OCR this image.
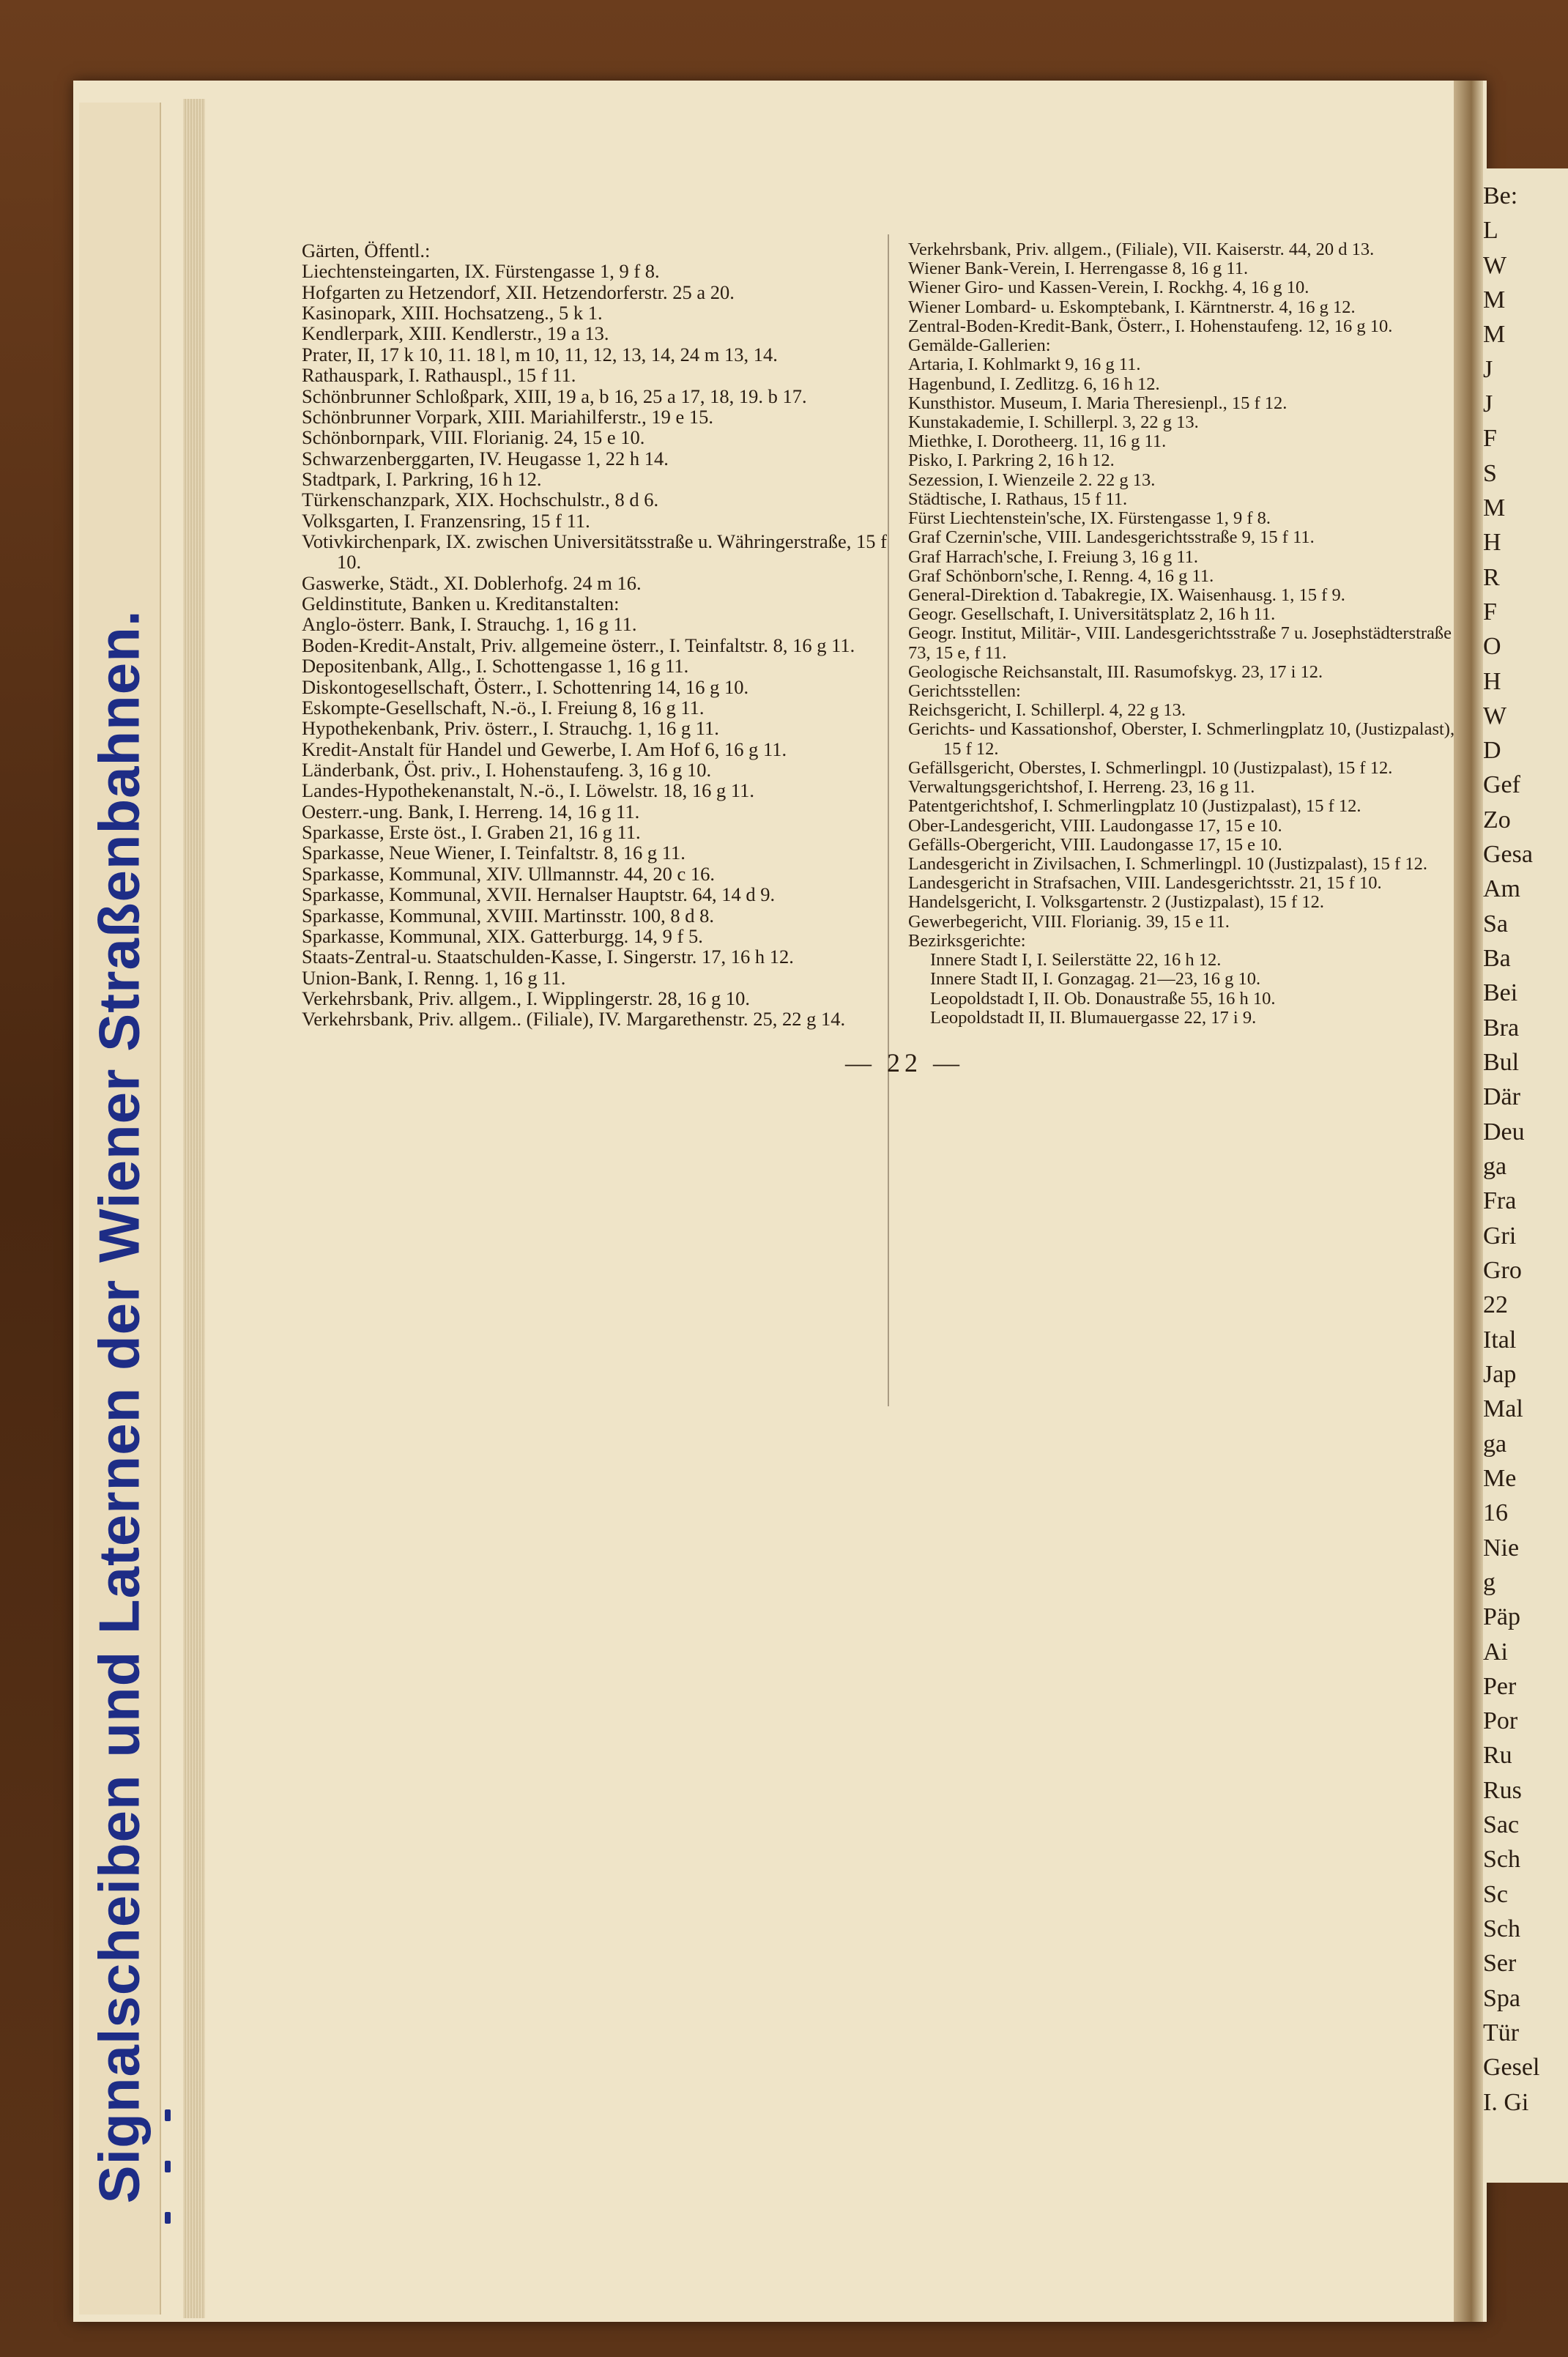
Be:
L
W
M
M
J
J
F
S
M
H
R
F
O
H
W
D
Gef
Zo
Gesa
Am
Sa
Ba
Bei
Bra
Bul
Där
Deu
ga
Fra
Gri
Gro
22
Ital
Jap
Mal
ga
Me
16
Nie
g
Päp
Ai
Per
Por
Ru
Rus
Sac
Sch
Sc
Sch
Ser
Spa
Tür
Gesel
I. Gi
Signalscheiben und Laternen der Wiener Straßenbahnen.

Gärten, Öffentl.:

Liechtensteingarten, IX. Fürstengasse 1, 9 f 8.

Hofgarten zu Hetzendorf, XII. Hetzendorferstr. 25 a 20.

Kasinopark, XIII. Hochsatzeng., 5 k 1.

Kendlerpark, XIII. Kendlerstr., 19 a 13.

Prater, II, 17 k 10, 11. 18 l, m 10, 11, 12, 13, 14, 24 m 13, 14.

Rathauspark, I. Rathauspl., 15 f 11.

Schönbrunner Schloßpark, XIII, 19 a, b 16, 25 a 17, 18, 19. b 17.

Schönbrunner Vorpark, XIII. Mariahilferstr., 19 e 15.

Schönbornpark, VIII. Florianig. 24, 15 e 10.

Schwarzenberggarten, IV. Heugasse 1, 22 h 14.

Stadtpark, I. Parkring, 16 h 12.

Türkenschanzpark, XIX. Hochschulstr., 8 d 6.

Volksgarten, I. Franzensring, 15 f 11.

Votivkirchenpark, IX. zwischen Universitätsstraße u. Währingerstraße, 15 f 10.

Gaswerke, Städt., XI. Doblerhofg. 24 m 16.

Geldinstitute, Banken u. Kreditanstalten:

Anglo-österr. Bank, I. Strauchg. 1, 16 g 11.

Boden-Kredit-Anstalt, Priv. allgemeine österr., I. Teinfaltstr. 8, 16 g 11.

Depositenbank, Allg., I. Schottengasse 1, 16 g 11.

Diskontogesellschaft, Österr., I. Schottenring 14, 16 g 10.

Eskompte-Gesellschaft, N.-ö., I. Freiung 8, 16 g 11.

Hypothekenbank, Priv. österr., I. Strauchg. 1, 16 g 11.

Kredit-Anstalt für Handel und Gewerbe, I. Am Hof 6, 16 g 11.

Länderbank, Öst. priv., I. Hohenstaufeng. 3, 16 g 10.

Landes-Hypothekenanstalt, N.-ö., I. Löwelstr. 18, 16 g 11.

Oesterr.-ung. Bank, I. Herreng. 14, 16 g 11.

Sparkasse, Erste öst., I. Graben 21, 16 g 11.

Sparkasse, Neue Wiener, I. Teinfaltstr. 8, 16 g 11.

Sparkasse, Kommunal, XIV. Ullmannstr. 44, 20 c 16.

Sparkasse, Kommunal, XVII. Hernalser Hauptstr. 64, 14 d 9.

Sparkasse, Kommunal, XVIII. Martinsstr. 100, 8 d 8.

Sparkasse, Kommunal, XIX. Gatterburgg. 14, 9 f 5.

Staats-Zentral-u. Staatschulden-Kasse, I. Singerstr. 17, 16 h 12.

Union-Bank, I. Renng. 1, 16 g 11.

Verkehrsbank, Priv. allgem., I. Wipplingerstr. 28, 16 g 10.

Verkehrsbank, Priv. allgem.. (Filiale), IV. Margarethenstr. 25, 22 g 14.

Verkehrsbank, Priv. allgem., (Filiale), VII. Kaiserstr. 44, 20 d 13.

Wiener Bank-Verein, I. Herrengasse 8, 16 g 11.

Wiener Giro- und Kassen-Verein, I. Rockhg. 4, 16 g 10.

Wiener Lombard- u. Eskomptebank, I. Kärntnerstr. 4, 16 g 12.

Zentral-Boden-Kredit-Bank, Österr., I. Hohenstaufeng. 12, 16 g 10.

Gemälde-Gallerien:

Artaria, I. Kohlmarkt 9, 16 g 11.

Hagenbund, I. Zedlitzg. 6, 16 h 12.

Kunsthistor. Museum, I. Maria Theresienpl., 15 f 12.

Kunstakademie, I. Schillerpl. 3, 22 g 13.

Miethke, I. Dorotheerg. 11, 16 g 11.

Pisko, I. Parkring 2, 16 h 12.

Sezession, I. Wienzeile 2. 22 g 13.

Städtische, I. Rathaus, 15 f 11.

Fürst Liechtenstein'sche, IX. Fürstengasse 1, 9 f 8.

Graf Czernin'sche, VIII. Landesgerichtsstraße 9, 15 f 11.

Graf Harrach'sche, I. Freiung 3, 16 g 11.

Graf Schönborn'sche, I. Renng. 4, 16 g 11.

General-Direktion d. Tabakregie, IX. Waisenhausg. 1, 15 f 9.

Geogr. Gesellschaft, I. Universitätsplatz 2, 16 h 11.

Geogr. Institut, Militär-, VIII. Landesgerichtsstraße 7 u. Josephstädterstraße 73, 15 e, f 11.

Geologische Reichsanstalt, III. Rasumofskyg. 23, 17 i 12.

Gerichtsstellen:

Reichsgericht, I. Schillerpl. 4, 22 g 13.

Gerichts- und Kassationshof, Oberster, I. Schmerlingplatz 10, (Justizpalast), 15 f 12.

Gefällsgericht, Oberstes, I. Schmerlingpl. 10 (Justizpalast), 15 f 12.

Verwaltungsgerichtshof, I. Herreng. 23, 16 g 11.

Patentgerichtshof, I. Schmerlingplatz 10 (Justizpalast), 15 f 12.

Ober-Landesgericht, VIII. Laudongasse 17, 15 e 10.

Gefälls-Obergericht, VIII. Laudongasse 17, 15 e 10.

Landesgericht in Zivilsachen, I. Schmerlingpl. 10 (Justizpalast), 15 f 12.

Landesgericht in Strafsachen, VIII. Landesgerichtsstr. 21, 15 f 10.

Handelsgericht, I. Volksgartenstr. 2 (Justizpalast), 15 f 12.

Gewerbegericht, VIII. Florianig. 39, 15 e 11.

Bezirksgerichte:

Innere Stadt I, I. Seilerstätte 22, 16 h 12.

Innere Stadt II, I. Gonzagag. 21—23, 16 g 10.

Leopoldstadt I, II. Ob. Donaustraße 55, 16 h 10.

Leopoldstadt II, II. Blumauergasse 22, 17 i 9.

— 22 —
